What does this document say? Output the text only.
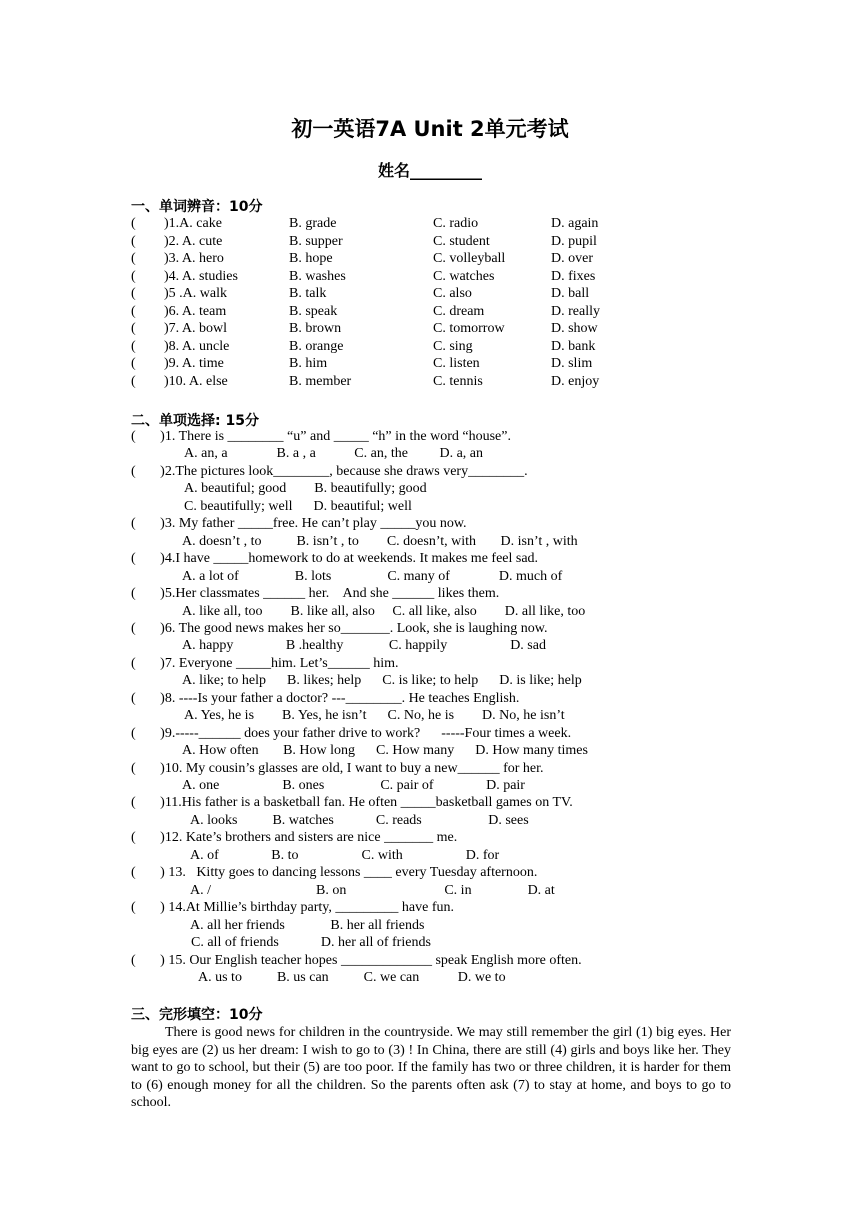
初一英语7A Unit 2单元考试
姓名_________
一、单词辨音：10分
( )1.A. cake	B. grade	C. radio	D. again
( )2. A. cute	B. supper	C. student	D. pupil
( )3. A. hero	B. hope	C. volleyball	D. over
( )4. A. studies	B. washes	C. watches	D. fixes
( )5 .A. walk	B. talk	C. also	D. ball
( )6. A. team	B. speak	C. dream	D. really
( )7. A. bowl	B. brown	C. tomorrow	D. show
( )8. A. uncle	B. orange	C. sing	D. bank
( )9. A. time	B. him	C. listen	D. slim
( )10. A. else	B. member	C. tennis	D. enjoy
二、单项选择: 15分
(       )1. There is ________ “u” and _____ “h” in the word “house”.
A. an, a              B. a , a           C. an, the         D. a, an
(       )2.The pictures look________, because she draws very________.
A. beautiful; good        B. beautifully; good
C. beautifully; well      D. beautiful; well
(       )3. My father _____free. He can’t play _____you now.
A. doesn’t , to          B. isn’t , to        C. doesn’t, with       D. isn’t , with
(       )4.I have _____homework to do at weekends. It makes me feel sad.
A. a lot of                B. lots                C. many of              D. much of
(       )5.Her classmates ______ her.    And she ______ likes them.
A. like all, too        B. like all, also     C. all like, also        D. all like, too
(       )6. The good news makes her so_______. Look, she is laughing now.
A. happy               B .healthy             C. happily                  D. sad
(       )7. Everyone _____him. Let’s______ him.
A. like; to help      B. likes; help      C. is like; to help      D. is like; help
(       )8. ----Is your father a doctor? ---________. He teaches English.
A. Yes, he is        B. Yes, he isn’t      C. No, he is        D. No, he isn’t
(       )9.-----______ does your father drive to work?      -----Four times a week.
A. How often       B. How long      C. How many      D. How many times
(       )10. My cousin’s glasses are old, I want to buy a new______ for her.
A. one                  B. ones                C. pair of               D. pair
(       )11.His father is a basketball fan. He often _____basketball games on TV.
A. looks          B. watches            C. reads                   D. sees
(       )12. Kate’s brothers and sisters are nice _______ me.
A. of               B. to                  C. with                  D. for
(       ) 13.   Kitty goes to dancing lessons ____ every Tuesday afternoon.
A. /                              B. on                            C. in                D. at
(       ) 14.At Millie’s birthday party, _________ have fun.
A. all her friends             B. her all friends
C. all of friends            D. her all of friends
(       ) 15. Our English teacher hopes _____________ speak English more often.
A. us to          B. us can          C. we can           D. we to
三、完形填空：10分
There is good news for children in the countryside. We may still remember the girl (1) big eyes. Her big eyes are (2) us her dream: I wish to go to (3) ! In China, there are still (4) girls and boys like her. They want to go to school, but their (5) are too poor. If the family has two or three children, it is harder for them to (6) enough money for all the children. So the parents often ask (7) to stay at home, and boys to go to school.
